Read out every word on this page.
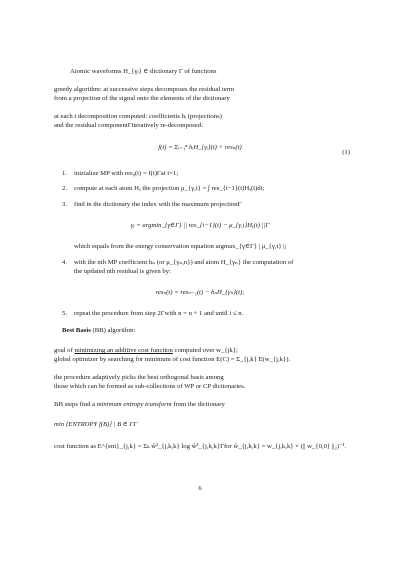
Atomic waveforms H_{γᵢ} ∈ dictionary Γ of functions
greedy algorithm: at successive steps decomposes the residual term
from a projection of the signal onto the elements of the dictionary
at each t decomposition computed: coefficients hᵢ (projections)
and the residual componentΓiteratively re-decomposed:
f(t) = Σᵢ₌₁ⁿ hᵢH_{γᵢ}(t) + resₙ(t)
(1)
1. inizialize MP with res₀(t) = f(t)Γat i=1;
2. compute at each atom Hᵧ the projection μ_{γ,i} = ∫ res_{i−1}(t)Hᵧ(t)dt;
3. find in the dictionary the index with the maximum projectionΓ
γᵢ = argmin_{γ∈Γ} || res_{i−1}(t) − μ_{γ,i}Hᵧ(t) ||Γ
which equals from the energy conservation equation argmax_{γ∈Γ} | μ_{γ,i} |;
4. with the nth MP coefficient hₙ (or μ_{γₙ,n}) and atom H_{γₙ} the computation of
the updated nth residual is given by:
resₙ(t) = resₙ₋₁(t) − hₙH_{γₙ}(t);
5. repeat the procedure from step 2Γwith n = n + 1 and until i ≤ n.
Best Basis (BB) algorithm:
goal of minimizing an additive cost function computed over w_{jk};
global optimizer by searching for minimum of cost function E(C) = Σ_{j,k} E(w_{j,k}).
the procedure adaptively picks the best orthogonal basis among
those which can be formed as sub-collections of WP or CP dictionaries.
BB steps find a minimum entropy transform from the dictionary
min [ENTROPY f(B)] | B ∈ ΓΓ
cost function as E^{ent}_{j,k} = Σₖ ŵ²_{j,k,k} log ŵ²_{j,k,k}Γfor ŵ_{j,k,k} = w_{j,k,k} × (|| w_{0,0} ||₂)⁻¹.
6
